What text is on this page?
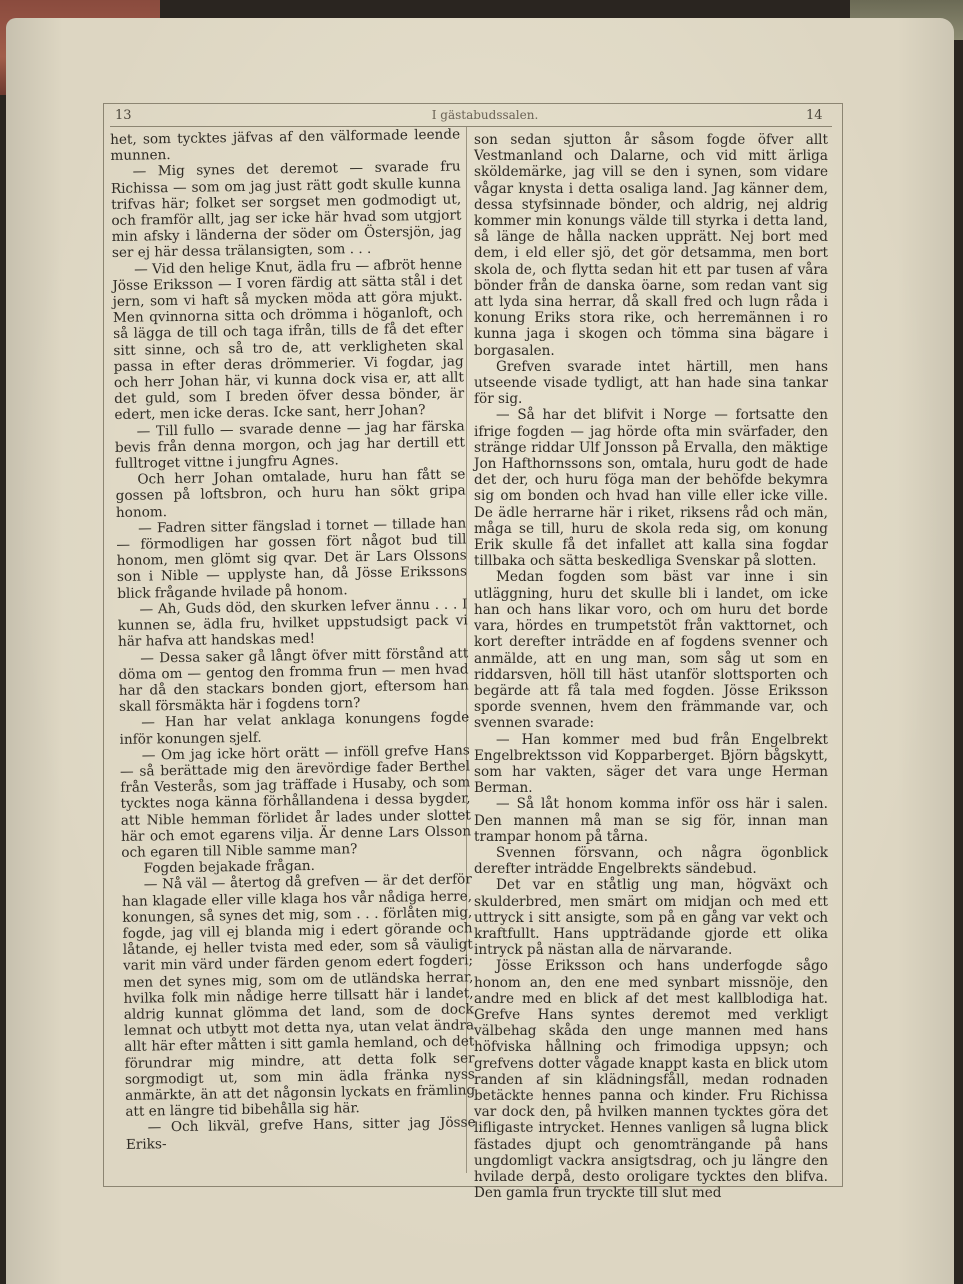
13	I gästabudssalen.	14

het, som tycktes jäfvas af den välformade leende munnen.

— Mig synes det deremot — svarade fru Richissa — som om jag just rätt godt skulle kunna trifvas här; folket ser sorgset men godmodigt ut, och framför allt, jag ser icke här hvad som utgjort min afsky i länderna der söder om Östersjön, jag ser ej här dessa trälansigten, som . . .

— Vid den helige Knut, ädla fru — afbröt henne Jösse Eriksson — I voren färdig att sätta stål i det jern, som vi haft så mycken möda att göra mjukt. Men qvinnorna sitta och drömma i höganloft, och så lägga de till och taga ifrån, tills de få det efter sitt sinne, och så tro de, att verkligheten skal passa in efter deras drömmerier. Vi fogdar, jag och herr Johan här, vi kunna dock visa er, att allt det guld, som I breden öfver dessa bönder, är edert, men icke deras. Icke sant, herr Johan?

— Till fullo — svarade denne — jag har färska bevis från denna morgon, och jag har dertill ett fulltroget vittne i jungfru Agnes.

Och herr Johan omtalade, huru han fått se gossen på loftsbron, och huru han sökt gripa honom.

— Fadren sitter fängslad i tornet — tillade han — förmodligen har gossen fört något bud till honom, men glömt sig qvar. Det är Lars Olssons son i Nible — upplyste han, då Jösse Erikssons blick frågande hvilade på honom.

— Ah, Guds död, den skurken lefver ännu . . . I kunnen se, ädla fru, hvilket uppstudsigt pack vi här hafva att handskas med!

— Dessa saker gå långt öfver mitt förstånd att döma om — gentog den fromma frun — men hvad har då den stackars bonden gjort, eftersom han skall försmäkta här i fogdens torn?

— Han har velat anklaga konungens fogde inför konungen sjelf.

— Om jag icke hört orätt — inföll grefve Hans — så berättade mig den ärevördige fader Berthel från Vesterås, som jag träffade i Husaby, och som tycktes noga känna förhållandena i dessa bygder, att Nible hemman förlidet år lades under slottet här och emot egarens vilja. Är denne Lars Olsson och egaren till Nible samme man?

Fogden bejakade frågan.

— Nå väl — återtog då grefven — är det derför han klagade eller ville klaga hos vår nådiga herre, konungen, så synes det mig, som . . . förlåten mig, fogde, jag vill ej blanda mig i edert görande och låtande, ej heller tvista med eder, som så väuligt varit min värd under färden genom edert fogderi; men det synes mig, som om de utländska herrar, hvilka folk min nådige herre tillsatt här i landet, aldrig kunnat glömma det land, som de dock lemnat och utbytt mot detta nya, utan velat ändra allt här efter måtten i sitt gamla hemland, och det förundrar mig mindre, att detta folk ser sorgmodigt ut, som min ädla fränka nyss anmärkte, än att det någonsin lyckats en främling att en längre tid bibehålla sig här.

— Och likväl, grefve Hans, sitter jag Jösse Eriks-

son sedan sjutton år såsom fogde öfver allt Vestmanland och Dalarne, och vid mitt ärliga sköldemärke, jag vill se den i synen, som vidare vågar knysta i detta osaliga land. Jag känner dem, dessa styfsinnade bönder, och aldrig, nej aldrig kommer min konungs välde till styrka i detta land, så länge de hålla nacken upprätt. Nej bort med dem, i eld eller sjö, det gör detsamma, men bort skola de, och flytta sedan hit ett par tusen af våra bönder från de danska öarne, som redan vant sig att lyda sina herrar, då skall fred och lugn råda i konung Eriks stora rike, och herremännen i ro kunna jaga i skogen och tömma sina bägare i borgasalen.

Grefven svarade intet härtill, men hans utseende visade tydligt, att han hade sina tankar för sig.

— Så har det blifvit i Norge — fortsatte den ifrige fogden — jag hörde ofta min svärfader, den stränge riddar Ulf Jonsson på Ervalla, den mäktige Jon Hafthornssons son, omtala, huru godt de hade det der, och huru föga man der behöfde bekymra sig om bonden och hvad han ville eller icke ville. De ädle herrarne här i riket, riksens råd och män, måga se till, huru de skola reda sig, om konung Erik skulle få det infallet att kalla sina fogdar tillbaka och sätta beskedliga Svenskar på slotten.

Medan fogden som bäst var inne i sin utläggning, huru det skulle bli i landet, om icke han och hans likar voro, och om huru det borde vara, hördes en trumpetstöt från vakttornet, och kort derefter inträdde en af fogdens svenner och anmälde, att en ung man, som såg ut som en riddarsven, höll till häst utanför slottsporten och begärde att få tala med fogden. Jösse Eriksson sporde svennen, hvem den främmande var, och svennen svarade:

— Han kommer med bud från Engelbrekt Engelbrektsson vid Kopparberget. Björn bågskytt, som har vakten, säger det vara unge Herman Berman.

— Så låt honom komma inför oss här i salen. Den mannen må man se sig för, innan man trampar honom på tårna.

Svennen försvann, och några ögonblick derefter inträdde Engelbrekts sändebud.

Det var en ståtlig ung man, högväxt och skulderbred, men smärt om midjan och med ett uttryck i sitt ansigte, som på en gång var vekt och kraftfullt. Hans uppträdande gjorde ett olika intryck på nästan alla de närvarande.

Jösse Eriksson och hans underfogde sågo honom an, den ene med synbart missnöje, den andre med en blick af det mest kallblodiga hat. Grefve Hans syntes deremot med verkligt välbehag skåda den unge mannen med hans höfviska hållning och frimodiga uppsyn; och grefvens dotter vågade knappt kasta en blick utom randen af sin klädningsfåll, medan rodnaden betäckte hennes panna och kinder. Fru Richissa var dock den, på hvilken mannen tycktes göra det lifligaste intrycket. Hennes vanligen så lugna blick fästades djupt och genomträngande på hans ungdomligt vackra ansigtsdrag, och ju längre den hvilade derpå, desto oroligare tycktes den blifva. Den gamla frun tryckte till slut med
